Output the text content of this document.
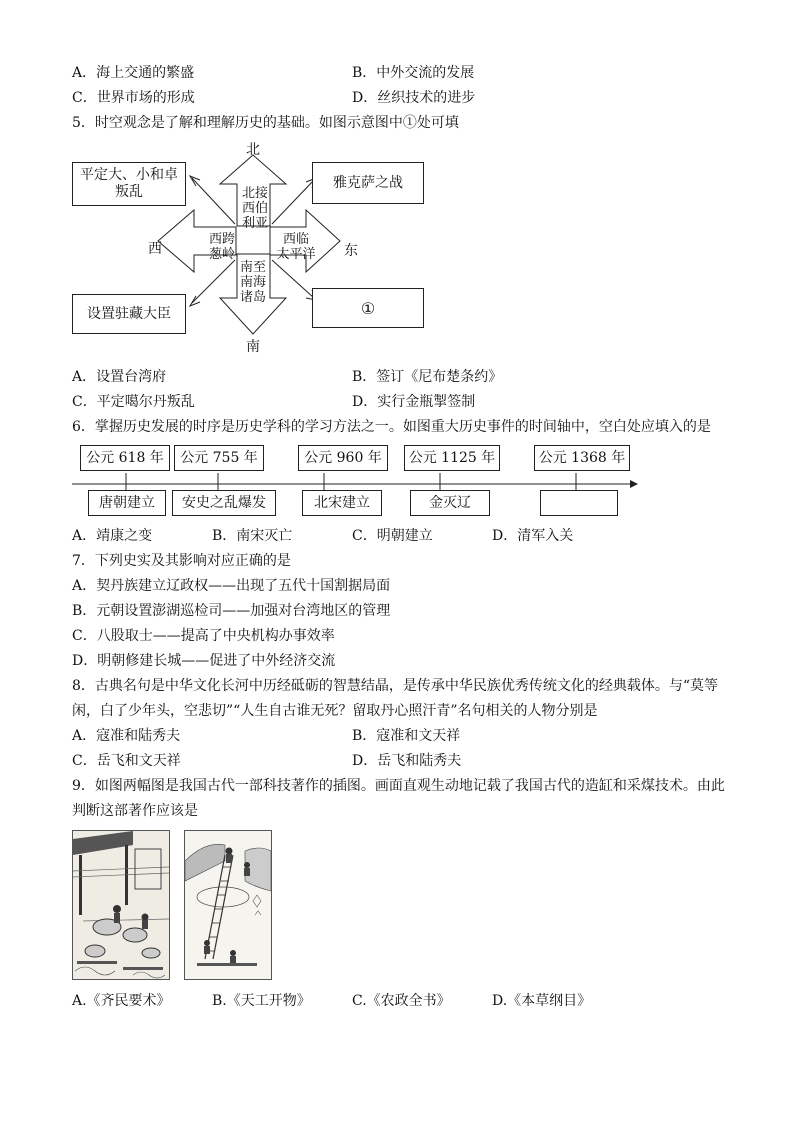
A．海上交通的繁盛	B．中外交流的发展
C．世界市场的形成	D．丝织技术的进步
5．时空观念是了解和理解历史的基础。如图示意图中①处可填
北
南
西	东
北接
西伯
利亚
西跨
葱岭
西临
太平洋
南至
南海
诸岛
平定大、小和卓
叛乱
雅克萨之战
设置驻藏大臣	①
A．设置台湾府	B．签订《尼布楚条约》
C．平定噶尔丹叛乱	D．实行金瓶掣签制
6．掌握历史发展的时序是历史学科的学习方法之一。如图重大历史事件的时间轴中，空白处应填入的是
公元 618 年	公元 755 年	公元 960 年	公元 1125 年	公元 1368 年
唐朝建立	安史之乱爆发	北宋建立	金灭辽
A．靖康之变	B．南宋灭亡	C．明朝建立	D．清军入关
7．下列史实及其影响对应正确的是
A．契丹族建立辽政权——出现了五代十国割据局面
B．元朝设置澎湖巡检司——加强对台湾地区的管理
C．八股取士——提高了中央机构办事效率
D．明朝修建长城——促进了中外经济交流
8．古典名句是中华文化长河中历经砥砺的智慧结晶，是传承中华民族优秀传统文化的经典载体。与“莫等
闲，白了少年头，空悲切”“人生自古谁无死？留取丹心照汗青”名句相关的人物分别是
A．寇准和陆秀夫	B．寇准和文天祥
C．岳飞和文天祥	D．岳飞和陆秀夫
9．如图两幅图是我国古代一部科技著作的插图。画面直观生动地记载了我国古代的造缸和采煤技术。由此
判断这部著作应该是
A.《齐民要术》	B.《天工开物》	C.《农政全书》	D.《本草纲目》
